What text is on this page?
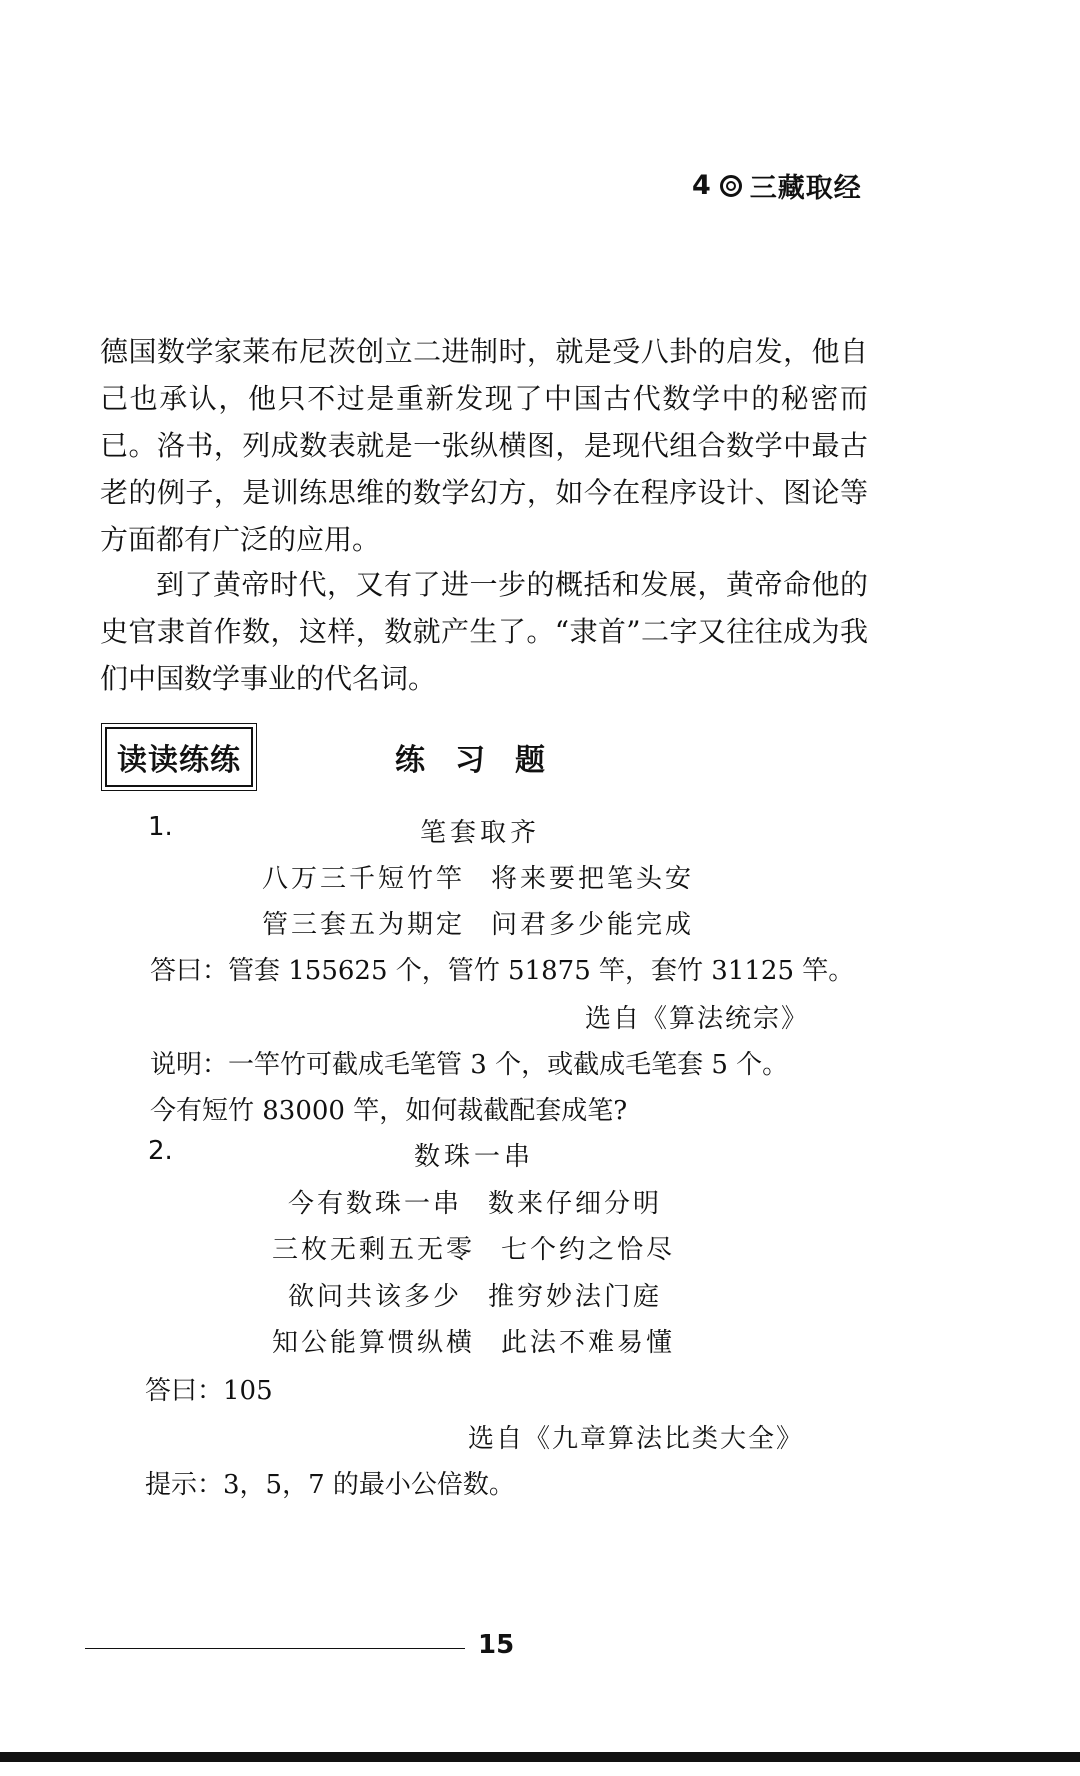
4 三藏取经

德国数学家莱布尼茨创立二进制时，就是受八卦的启发，他自己也承认，他只不过是重新发现了中国古代数学中的秘密而已。洛书，列成数表就是一张纵横图，是现代组合数学中最古老的例子，是训练思维的数学幻方，如今在程序设计、图论等方面都有广泛的应用。

到了黄帝时代，又有了进一步的概括和发展，黄帝命他的史官隶首作数，这样，数就产生了。“隶首”二字又往往成为我们中国数学事业的代名词。

读读练练	练习题

1.	笔套取齐

八万三千短竹竿 将来要把笔头安

管三套五为期定 问君多少能完成

答曰：管套 155625 个，管竹 51875 竿，套竹 31125 竿。

选自《算法统宗》

说明：一竿竹可截成毛笔管 3 个，或截成毛笔套 5 个。

今有短竹 83000 竿，如何裁截配套成笔?

2.	数珠一串

今有数珠一串 数来仔细分明

三枚无剩五无零 七个约之恰尽

欲问共该多少 推穷妙法门庭

知公能算惯纵横 此法不难易懂

答曰：105

选自《九章算法比类大全》

提示：3，5，7 的最小公倍数。

15
